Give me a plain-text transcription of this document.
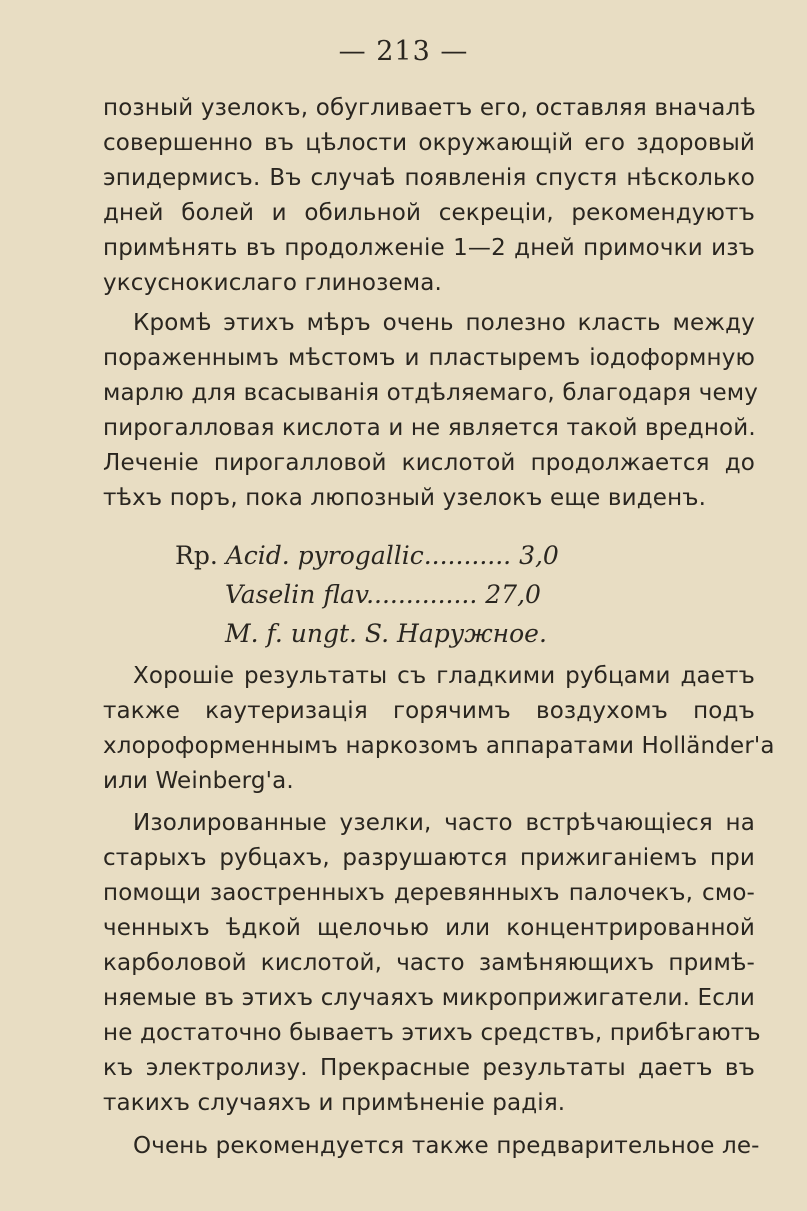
— 213 —
позный узелокъ, обугливаетъ его, оставляя вначалѣ
совершенно въ цѣлости окружающій его здоровый
эпидермисъ. Въ случаѣ появленія спустя нѣсколько
дней болей и обильной секреціи, рекомендуютъ
примѣнять въ продолженіе 1—2 дней примочки изъ
уксуснокислаго глинозема.
Кромѣ этихъ мѣръ очень полезно класть между
пораженнымъ мѣстомъ и пластыремъ іодоформную
марлю для всасыванія отдѣляемаго, благодаря чему
пирогалловая кислота и не является такой вредной.
Леченіе пирогалловой кислотой продолжается до
тѣхъ поръ, пока люпозный узелокъ еще виденъ.
Хорошіе результаты съ гладкими рубцами даетъ
также каутеризація горячимъ воздухомъ подъ
хлороформеннымъ наркозомъ аппаратами Holländer'a
или Weinberg'a.
Изолированные узелки, часто встрѣчающіеся на
старыхъ рубцахъ, разрушаются прижиганіемъ при
помощи заостренныхъ деревянныхъ палочекъ, смо-
ченныхъ ѣдкой щелочью или концентрированной
карболовой кислотой, часто замѣняющихъ примѣ-
няемые въ этихъ случаяхъ микроприжигатели. Если
не достаточно бываетъ этихъ средствъ, прибѣгаютъ
къ электролизу. Прекрасные результаты даетъ въ
такихъ случаяхъ и примѣненіе радія.
Очень рекомендуется также предварительное ле-
Rp. Acid. pyrogallic........... 3,0
Vaselin flav.............. 27,0
M. f. ungt. S. Наружное.
